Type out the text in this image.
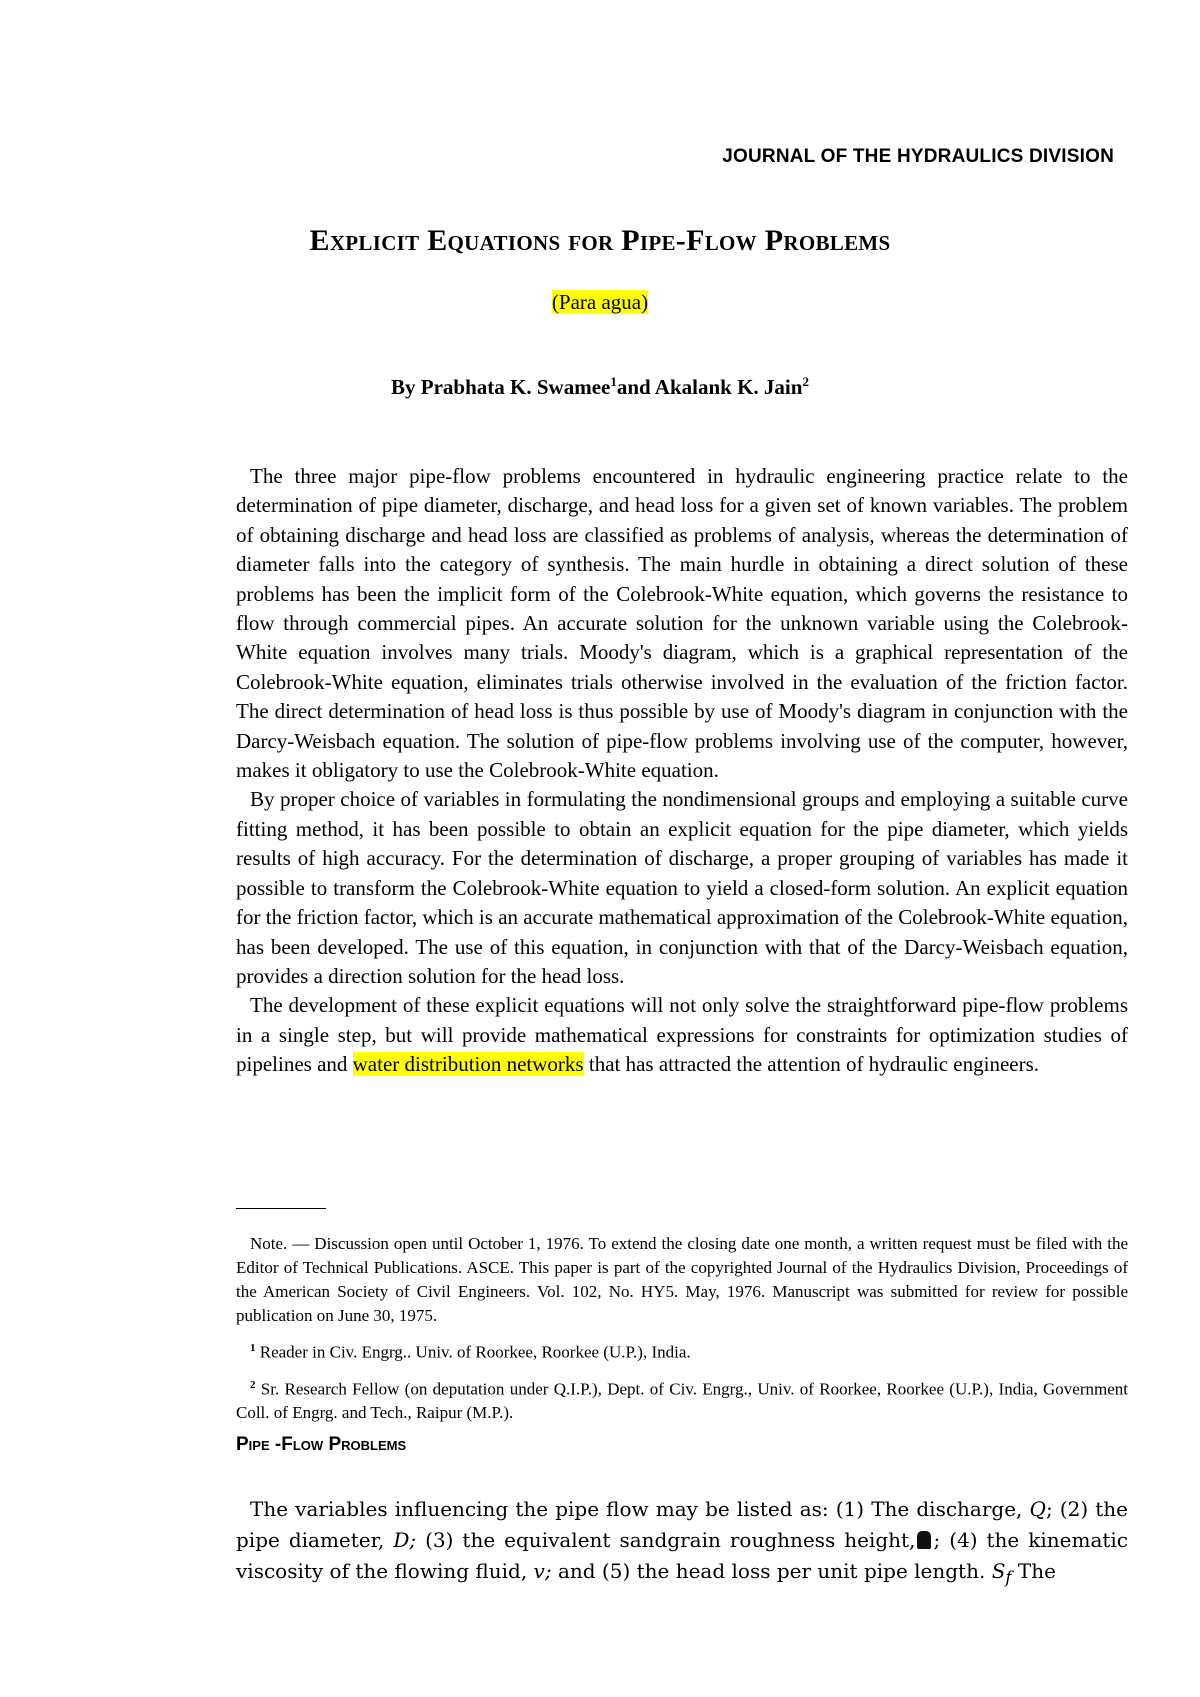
JOURNAL OF THE HYDRAULICS DIVISION
Explicit Equations for Pipe-Flow Problems
(Para agua)
By Prabhata K. Swamee$^1$and Akalank K. Jain$^2$

The three major pipe-flow problems encountered in hydraulic engineering practice relate to the determination of pipe diameter, discharge, and head loss for a given set of known variables. The problem of obtaining discharge and head loss are classified as problems of analysis, whereas the determination of diameter falls into the category of synthesis. The main hurdle in obtaining a direct solution of these problems has been the implicit form of the Colebrook-White equation, which governs the resistance to flow through commercial pipes. An accurate solution for the unknown variable using the Colebrook-White equation involves many trials. Moody's diagram, which is a graphical representation of the Colebrook-White equation, eliminates trials otherwise involved in the evaluation of the friction factor. The direct determination of head loss is thus possible by use of Moody's diagram in conjunction with the Darcy-Weisbach equation. The solution of pipe-flow problems involving use of the computer, however, makes it obligatory to use the Colebrook-White equation.

By proper choice of variables in formulating the nondimensional groups and employing a suitable curve fitting method, it has been possible to obtain an explicit equation for the pipe diameter, which yields results of high accuracy. For the determination of discharge, a proper grouping of variables has made it possible to transform the Colebrook-White equation to yield a closed-form solution. An explicit equation for the friction factor, which is an accurate mathematical approximation of the Colebrook-White equation, has been developed. The use of this equation, in conjunction with that of the Darcy-Weisbach equation, provides a direction solution for the head loss.

The development of these explicit equations will not only solve the straightforward pipe-flow problems in a single step, but will provide mathematical expressions for constraints for optimization studies of pipelines and water distribution networks that has attracted the attention of hydraulic engineers.

Note. — Discussion open until October 1, 1976. To extend the closing date one month, a written request must be filed with the Editor of Technical Publications. ASCE. This paper is part of the copyrighted Journal of the Hydraulics Division, Proceedings of the American Society of Civil Engineers. Vol. 102, No. HY5. May, 1976. Manuscript was submitted for review for possible publication on June 30, 1975.

$^1$ Reader in Civ. Engrg.. Univ. of Roorkee, Roorkee (U.P.), India.

$^2$ Sr. Research Fellow (on deputation under Q.I.P.), Dept. of Civ. Engrg., Univ. of Roorkee, Roorkee (U.P.), India, Government Coll. of Engrg. and Tech., Raipur (M.P.).

Pipe -Flow Problems

The variables influencing the pipe flow may be listed as: (1) The discharge, Q; (2) the pipe diameter, D; (3) the equivalent sandgrain roughness height, ; (4) the kinematic viscosity of the flowing fluid, v; and (5) the head loss per unit pipe length. $S_f$ The
